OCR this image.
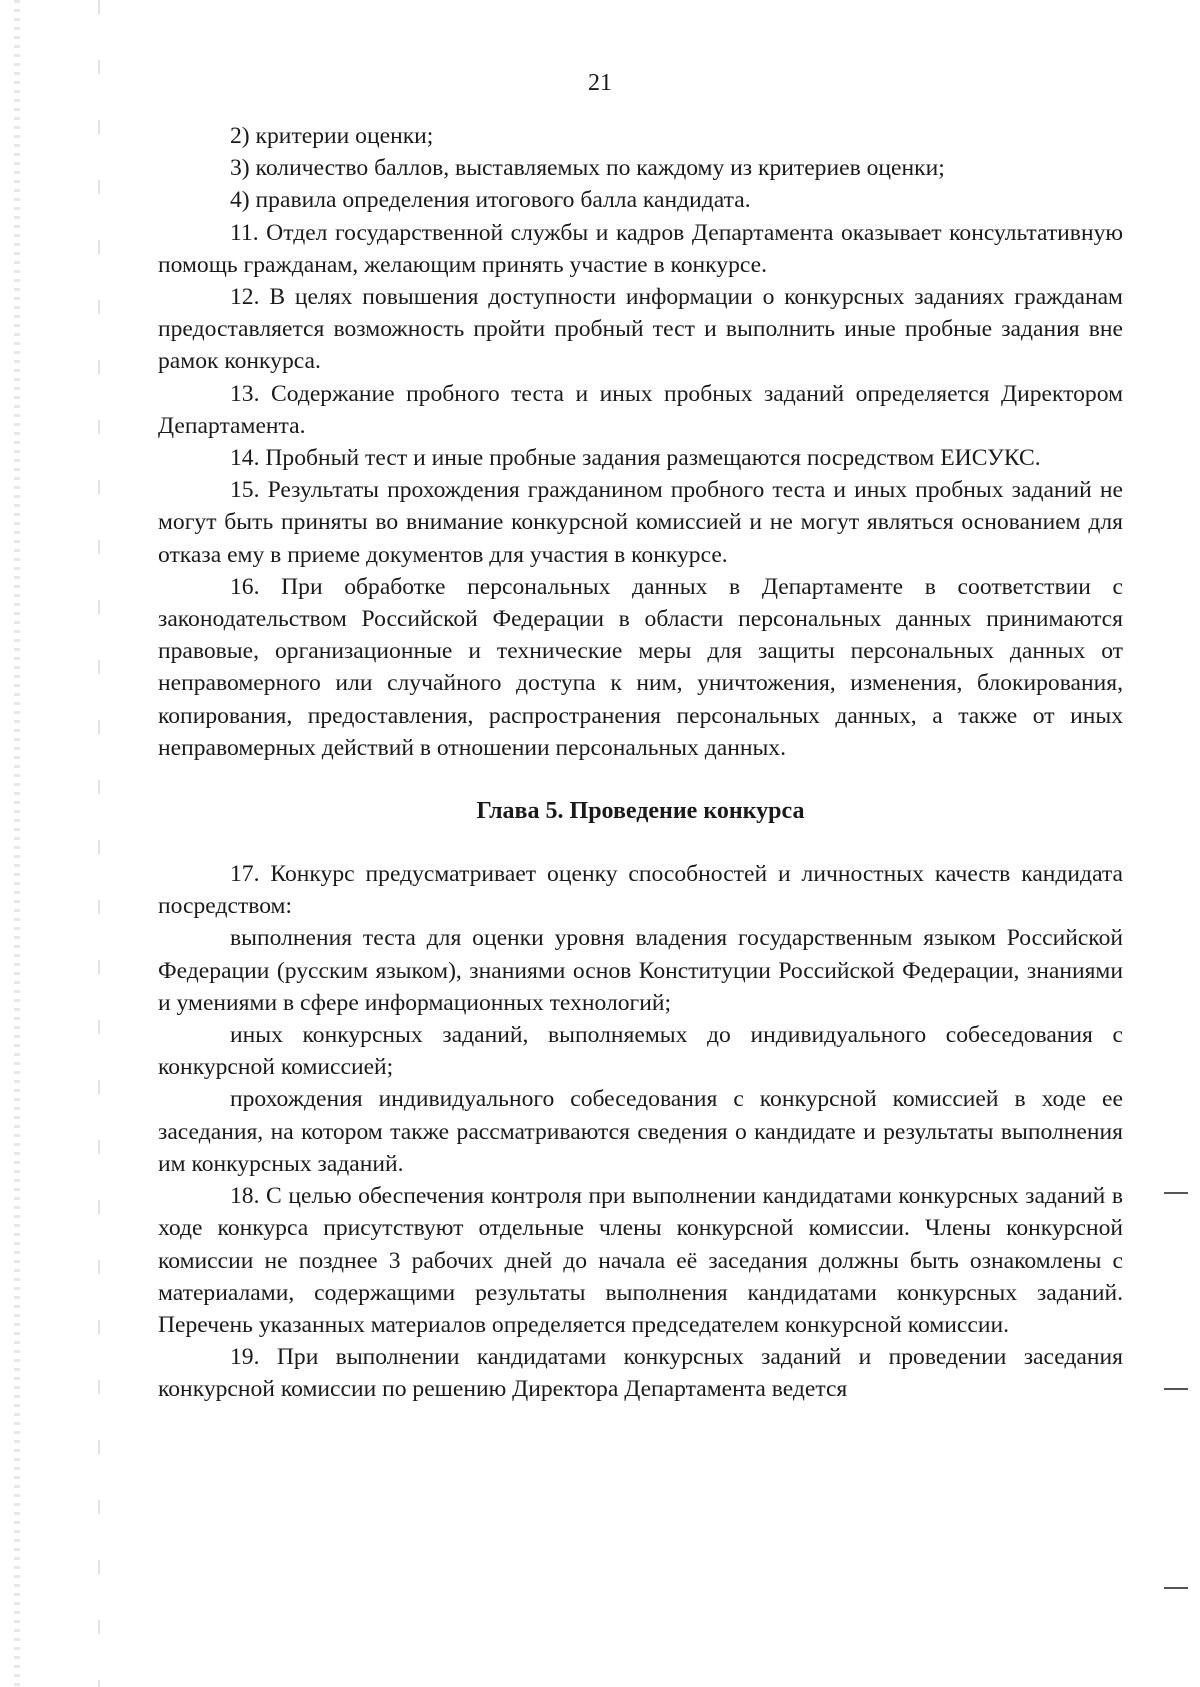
21

2) критерии оценки;

3) количество баллов, выставляемых по каждому из критериев оценки;

4) правила определения итогового балла кандидата.

11. Отдел государственной службы и кадров Департамента оказывает консультативную помощь гражданам, желающим принять участие в конкурсе.

12. В целях повышения доступности информации о конкурсных заданиях гражданам предоставляется возможность пройти пробный тест и выполнить иные пробные задания вне рамок конкурса.

13. Содержание пробного теста и иных пробных заданий определяется Директором Департамента.

14. Пробный тест и иные пробные задания размещаются посредством ЕИСУКС.

15. Результаты прохождения гражданином пробного теста и иных пробных заданий не могут быть приняты во внимание конкурсной комиссией и не могут являться основанием для отказа ему в приеме документов для участия в конкурсе.

16. При обработке персональных данных в Департаменте в соответствии с законодательством Российской Федерации в области персональных данных принимаются правовые, организационные и технические меры для защиты персональных данных от неправомерного или случайного доступа к ним, уничтожения, изменения, блокирования, копирования, предоставления, распространения персональных данных, а также от иных неправомерных действий в отношении персональных данных.

Глава 5. Проведение конкурса

17. Конкурс предусматривает оценку способностей и личностных качеств кандидата посредством:

выполнения теста для оценки уровня владения государственным языком Российской Федерации (русским языком), знаниями основ Конституции Российской Федерации, знаниями и умениями в сфере информационных технологий;

иных конкурсных заданий, выполняемых до индивидуального собеседования с конкурсной комиссией;

прохождения индивидуального собеседования с конкурсной комиссией в ходе ее заседания, на котором также рассматриваются сведения о кандидате и результаты выполнения им конкурсных заданий.

18. С целью обеспечения контроля при выполнении кандидатами конкурсных заданий в ходе конкурса присутствуют отдельные члены конкурсной комиссии. Члены конкурсной комиссии не позднее 3 рабочих дней до начала её заседания должны быть ознакомлены с материалами, содержащими результаты выполнения кандидатами конкурсных заданий. Перечень указанных материалов определяется председателем конкурсной комиссии.

19. При выполнении кандидатами конкурсных заданий и проведении заседания конкурсной комиссии по решению Директора Департамента ведется
